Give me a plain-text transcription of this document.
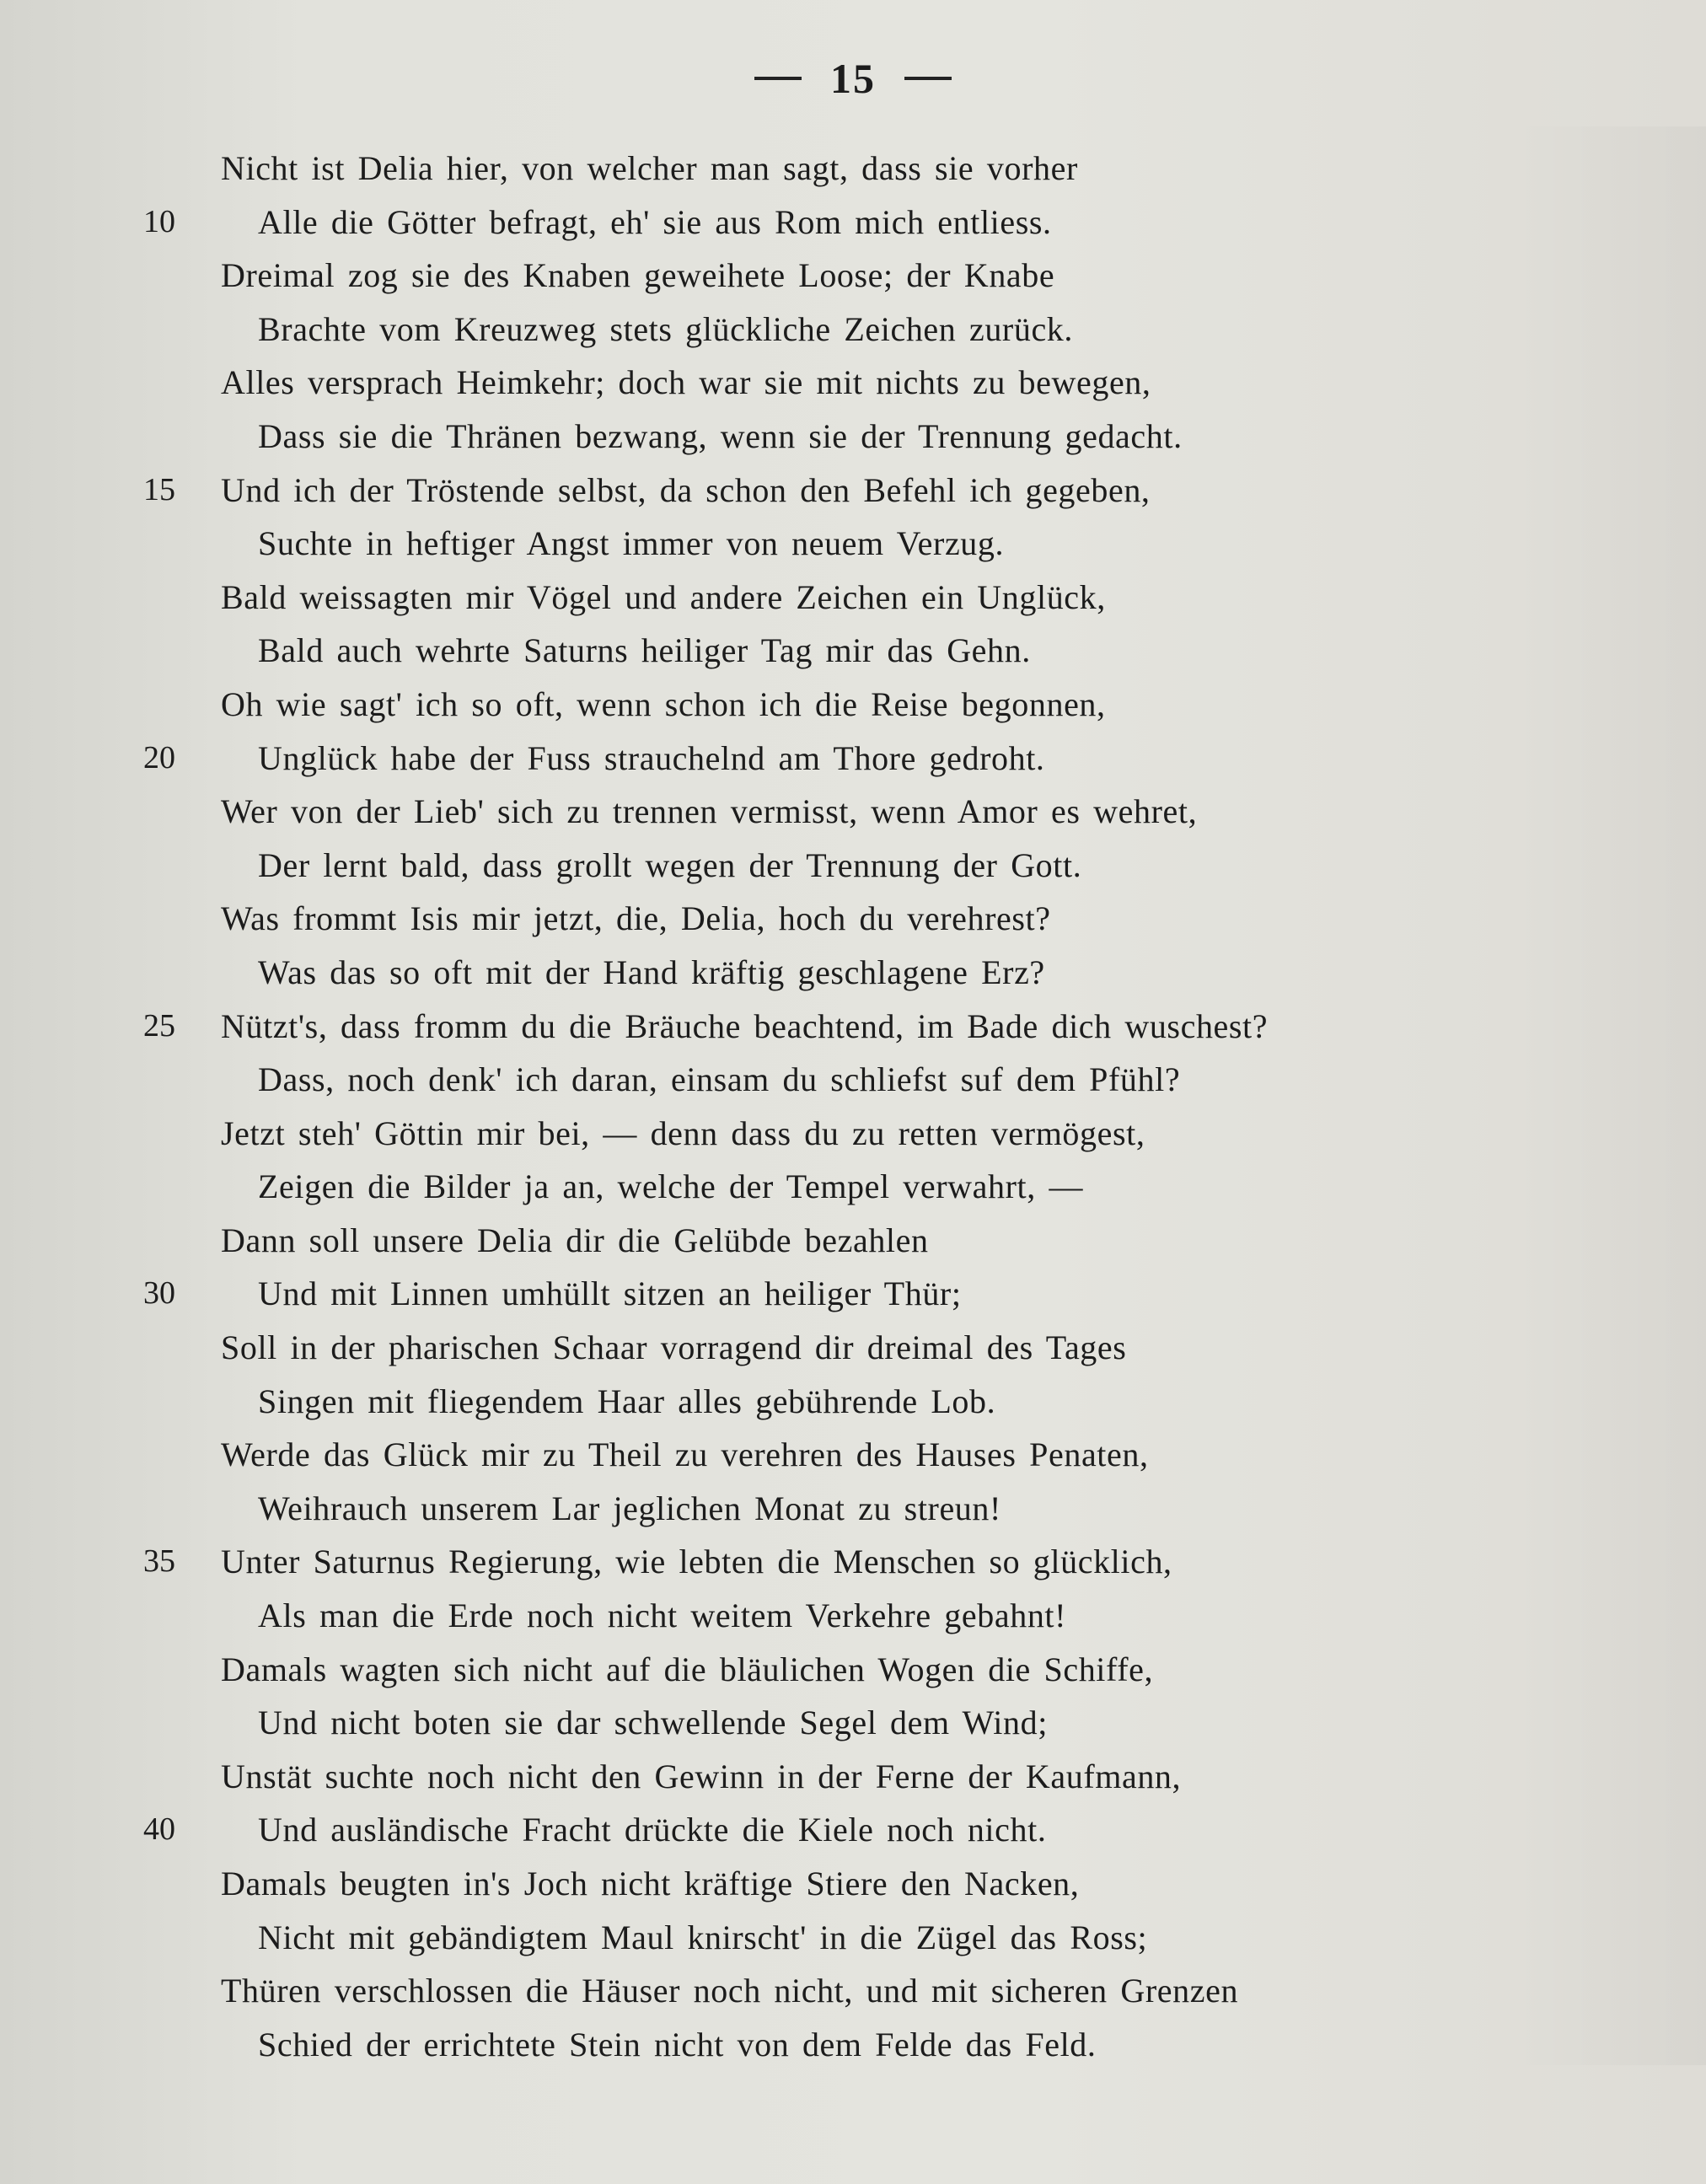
15
Nicht ist Delia hier, von welcher man sagt, dass sie vorher
10	Alle die Götter befragt, eh' sie aus Rom mich entliess.
Dreimal zog sie des Knaben geweihete Loose; der Knabe
Brachte vom Kreuzweg stets glückliche Zeichen zurück.
Alles versprach Heimkehr; doch war sie mit nichts zu bewegen,
Dass sie die Thränen bezwang, wenn sie der Trennung gedacht.
15	Und ich der Tröstende selbst, da schon den Befehl ich gegeben,
Suchte in heftiger Angst immer von neuem Verzug.
Bald weissagten mir Vögel und andere Zeichen ein Unglück,
Bald auch wehrte Saturns heiliger Tag mir das Gehn.
Oh wie sagt' ich so oft, wenn schon ich die Reise begonnen,
20	Unglück habe der Fuss strauchelnd am Thore gedroht.
Wer von der Lieb' sich zu trennen vermisst, wenn Amor es wehret,
Der lernt bald, dass grollt wegen der Trennung der Gott.
Was frommt Isis mir jetzt, die, Delia, hoch du verehrest?
Was das so oft mit der Hand kräftig geschlagene Erz?
25	Nützt's, dass fromm du die Bräuche beachtend, im Bade dich wuschest?
Dass, noch denk' ich daran, einsam du schliefst suf dem Pfühl?
Jetzt steh' Göttin mir bei, — denn dass du zu retten vermögest,
Zeigen die Bilder ja an, welche der Tempel verwahrt, —
Dann soll unsere Delia dir die Gelübde bezahlen
30	Und mit Linnen umhüllt sitzen an heiliger Thür;
Soll in der pharischen Schaar vorragend dir dreimal des Tages
Singen mit fliegendem Haar alles gebührende Lob.
Werde das Glück mir zu Theil zu verehren des Hauses Penaten,
Weihrauch unserem Lar jeglichen Monat zu streun!
35	Unter Saturnus Regierung, wie lebten die Menschen so glücklich,
Als man die Erde noch nicht weitem Verkehre gebahnt!
Damals wagten sich nicht auf die bläulichen Wogen die Schiffe,
Und nicht boten sie dar schwellende Segel dem Wind;
Unstät suchte noch nicht den Gewinn in der Ferne der Kaufmann,
40	Und ausländische Fracht drückte die Kiele noch nicht.
Damals beugten in's Joch nicht kräftige Stiere den Nacken,
Nicht mit gebändigtem Maul knirscht' in die Zügel das Ross;
Thüren verschlossen die Häuser noch nicht, und mit sicheren Grenzen
Schied der errichtete Stein nicht von dem Felde das Feld.
